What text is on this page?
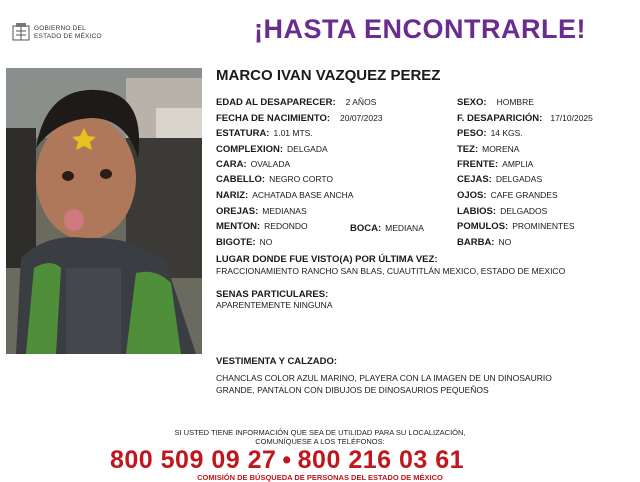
GOBIERNO DEL
ESTADO DE MÉXICO	¡HASTA ENCONTRARLE!
MARCO IVAN VAZQUEZ PEREZ
EDAD AL DESAPARECER: 2 AÑOS
FECHA DE NACIMIENTO: 20/07/2023
ESTATURA: 1.01 MTS.
COMPLEXION: DELGADA
CARA: OVALADA
CABELLO: NEGRO CORTO
NARIZ: ACHATADA BASE ANCHA
OREJAS: MEDIANAS
MENTON: REDONDO	BOCA: MEDIANA
BIGOTE: NO
SEXO: HOMBRE
F. DESAPARICIÓN: 17/10/2025
PESO: 14 KGS.
TEZ: MORENA
FRENTE: AMPLIA
CEJAS: DELGADAS
OJOS: CAFE GRANDES
LABIOS: DELGADOS
POMULOS: PROMINENTES
BARBA: NO
LUGAR DONDE FUE VISTO(A) POR ÚLTIMA VEZ:
FRACCIONAMIENTO RANCHO SAN BLAS, CUAUTITLÁN MEXICO, ESTADO DE MEXICO
SENAS PARTICULARES:
APARENTEMENTE NINGUNA
VESTIMENTA Y CALZADO:
CHANCLAS COLOR AZUL MARINO, PLAYERA CON LA IMAGEN DE UN DINOSAURIO
GRANDE, PANTALON CON DIBUJOS DE DINOSAURIOS PEQUEÑOS
SI USTED TIENE INFORMACIÓN QUE SEA DE UTILIDAD PARA SU LOCALIZACIÓN,
COMUNÍQUESE A LOS TELÉFONOS:
800 509 09 27 • 800 216 03 61
COMISIÓN DE BÚSQUEDA DE PERSONAS DEL ESTADO DE MÉXICO
